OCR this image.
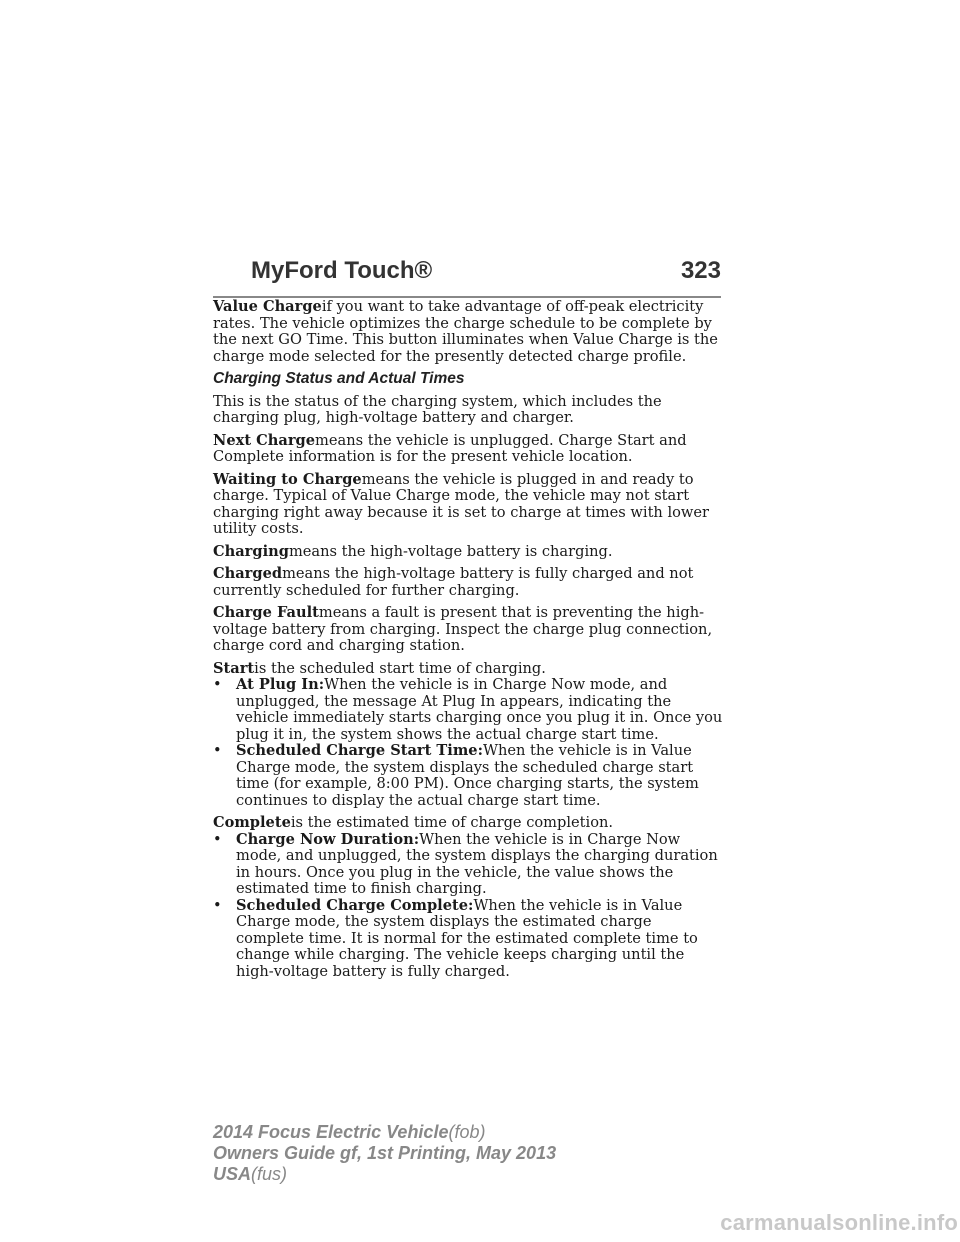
MyFord Touch®	323

Value Chargeif you want to take advantage of off-peak electricity rates. The vehicle optimizes the charge schedule to be complete by the next GO Time. This button illuminates when Value Charge is the charge mode selected for the presently detected charge profile.

Charging Status and Actual Times

This is the status of the charging system, which includes the charging plug, high-voltage battery and charger.

Next Chargemeans the vehicle is unplugged. Charge Start and Complete information is for the present vehicle location.

Waiting to Chargemeans the vehicle is plugged in and ready to charge. Typical of Value Charge mode, the vehicle may not start charging right away because it is set to charge at times with lower utility costs.

Chargingmeans the high-voltage battery is charging.

Chargedmeans the high-voltage battery is fully charged and not currently scheduled for further charging.

Charge Faultmeans a fault is present that is preventing the high-voltage battery from charging. Inspect the charge plug connection, charge cord and charging station.

Startis the scheduled start time of charging.

• At Plug In:When the vehicle is in Charge Now mode, and unplugged, the message At Plug In appears, indicating the vehicle immediately starts charging once you plug it in. Once you plug it in, the system shows the actual charge start time.
• Scheduled Charge Start Time:When the vehicle is in Value Charge mode, the system displays the scheduled charge start time (for example, 8:00 PM). Once charging starts, the system continues to display the actual charge start time.

Completeis the estimated time of charge completion.

• Charge Now Duration:When the vehicle is in Charge Now mode, and unplugged, the system displays the charging duration in hours. Once you plug in the vehicle, the value shows the estimated time to finish charging.
• Scheduled Charge Complete:When the vehicle is in Value Charge mode, the system displays the estimated charge complete time. It is normal for the estimated complete time to change while charging. The vehicle keeps charging until the high-voltage battery is fully charged.
2014 Focus Electric Vehicle(fob)
Owners Guide gf, 1st Printing, May 2013
USA(fus)
carmanualsonline.info
